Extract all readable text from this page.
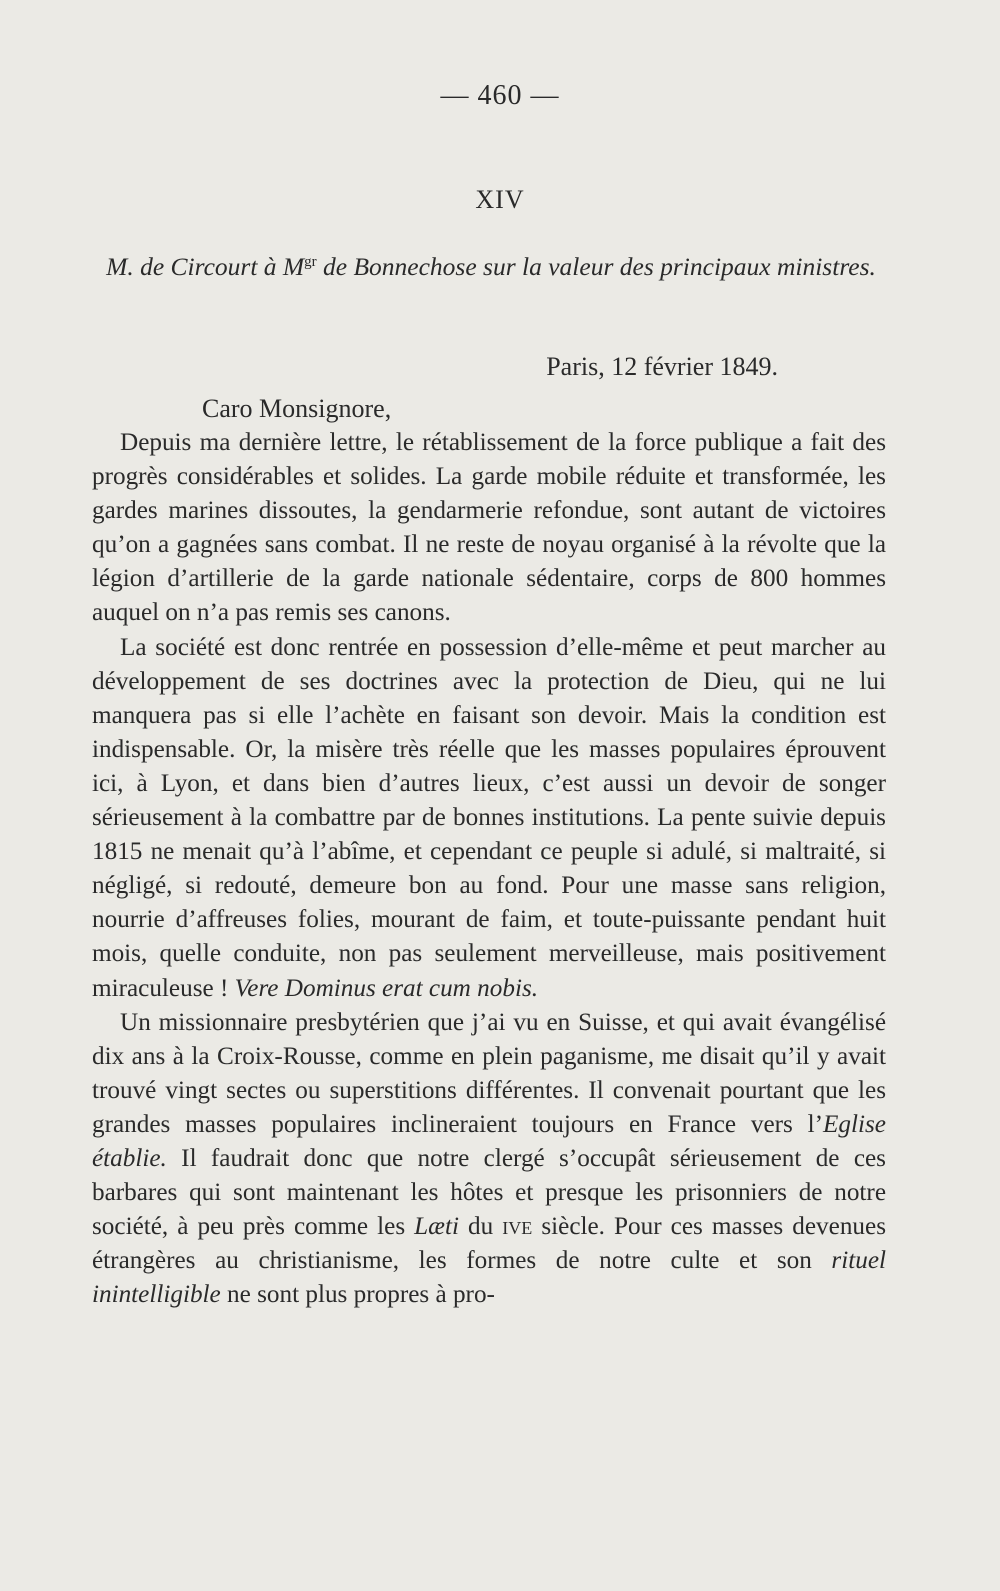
— 460 —
XIV
M. de Circourt à $M^{gr}$ de Bonnechose sur la valeur des principaux ministres.
Paris, 12 février 1849.
Caro Monsignore,

Depuis ma dernière lettre, le rétablissement de la force publique a fait des progrès considérables et solides. La garde mobile réduite et transformée, les gardes marines dissoutes, la gendarmerie refondue, sont autant de victoires qu’on a gagnées sans combat. Il ne reste de noyau organisé à la révolte que la légion d’artillerie de la garde nationale sédentaire, corps de 800 hommes auquel on n’a pas remis ses canons.

La société est donc rentrée en possession d’elle-même et peut marcher au développement de ses doctrines avec la protection de Dieu, qui ne lui manquera pas si elle l’achète en faisant son devoir. Mais la condition est indispensable. Or, la misère très réelle que les masses populaires éprouvent ici, à Lyon, et dans bien d’autres lieux, c’est aussi un devoir de songer sérieusement à la combattre par de bonnes institutions. La pente suivie depuis 1815 ne menait qu’à l’abîme, et cependant ce peuple si adulé, si maltraité, si négligé, si redouté, demeure bon au fond. Pour une masse sans religion, nourrie d’affreuses folies, mourant de faim, et toute-puissante pendant huit mois, quelle conduite, non pas seulement merveilleuse, mais positivement miraculeuse ! Vere Dominus erat cum nobis.

Un missionnaire presbytérien que j’ai vu en Suisse, et qui avait évangélisé dix ans à la Croix-Rousse, comme en plein paganisme, me disait qu’il y avait trouvé vingt sectes ou superstitions différentes. Il convenait pourtant que les grandes masses populaires inclineraient toujours en France vers l’Eglise établie. Il faudrait donc que notre clergé s’occupât sérieusement de ces barbares qui sont maintenant les hôtes et presque les prisonniers de notre société, à peu près comme les Læti du ive siècle. Pour ces masses devenues étrangères au christianisme, les formes de notre culte et son rituel inintelligible ne sont plus propres à pro-
